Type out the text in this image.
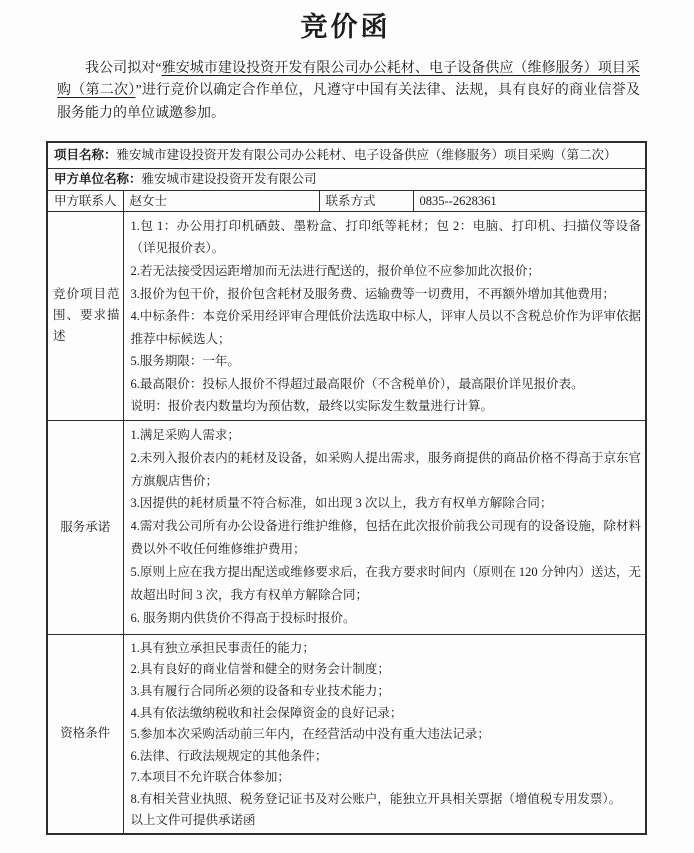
竞价函

我公司拟对“雅安城市建设投资开发有限公司办公耗材、电子设备供应（维修服务）项目采购（第二次）”进行竞价以确定合作单位，凡遵守中国有关法律、法规，具有良好的商业信誉及服务能力的单位诚邀参加。

项目名称：雅安城市建设投资开发有限公司办公耗材、电子设备供应（维修服务）项目采购（第二次）			
甲方单位名称：雅安城市建设投资开发有限公司			
甲方联系人	赵女士	联系方式	0835--2628361
竞价项目范围、要求描述	
1.包 1：办公用打印机硒鼓、墨粉盒、打印纸等耗材；包 2：电脑、打印机、扫描仪等设备（详见报价表）。
2.若无法接受因运距增加而无法进行配送的，报价单位不应参加此次报价；
3.报价为包干价，报价包含耗材及服务费、运输费等一切费用，不再额外增加其他费用；
4.中标条件：本竞价采用经评审合理低价法选取中标人，评审人员以不含税总价作为评审依据推荐中标候选人；
5.服务期限：一年。
6.最高限价：投标人报价不得超过最高限价（不含税单价），最高限价详见报价表。
说明：报价表内数量均为预估数，最终以实际发生数量进行计算。

服务承诺	
1.满足采购人需求；
2.未列入报价表内的耗材及设备，如采购人提出需求，服务商提供的商品价格不得高于京东官方旗舰店售价；
3.因提供的耗材质量不符合标准，如出现 3 次以上，我方有权单方解除合同；
4.需对我公司所有办公设备进行维护维修，包括在此次报价前我公司现有的设备设施，除材料费以外不收任何维修维护费用；
5.原则上应在我方提出配送或维修要求后，在我方要求时间内（原则在 120 分钟内）送达，无故超出时间 3 次，我方有权单方解除合同；
6. 服务期内供货价不得高于投标时报价。

资格条件	
1.具有独立承担民事责任的能力；
2.具有良好的商业信誉和健全的财务会计制度；
3.具有履行合同所必须的设备和专业技术能力；
4.具有依法缴纳税收和社会保障资金的良好记录；
5.参加本次采购活动前三年内，在经营活动中没有重大违法记录；
6.法律、行政法规规定的其他条件；
7.本项目不允许联合体参加；
8.有相关营业执照、税务登记证书及对公账户，能独立开具相关票据（增值税专用发票）。
以上文件可提供承诺函
